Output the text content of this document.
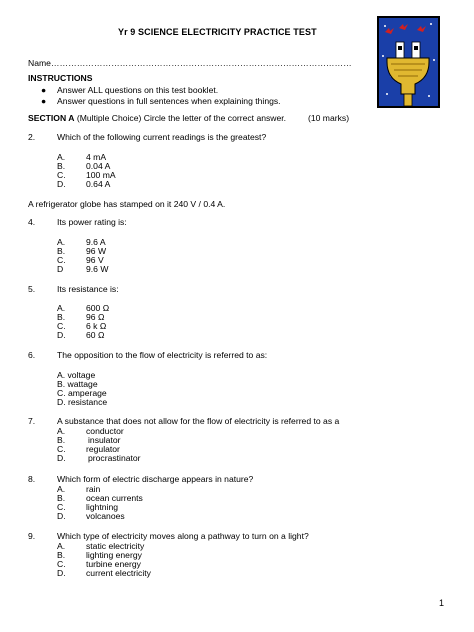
Yr 9 SCIENCE ELECTRICITY PRACTICE TEST
Name……………………………………………………………………………………………
INSTRUCTIONS
● Answer ALL questions on this test booklet.
● Answer questions in full sentences when explaining things.
SECTION A (Multiple Choice) Circle the letter of the correct answer.	(10 marks)
2.	Which of the following current readings is the greatest?
A. 4 mA
B. 0.04 A
C. 100 mA
D. 0.64 A
A refrigerator globe has stamped on it 240 V / 0.4 A.
4.	Its power rating is:
A. 9.6 A
B. 96 W
C. 96 V
D	9.6 W
5.	Its resistance is:
A. 600 Ω
B. 96 Ω
C. 6 k Ω
D. 60 Ω
6.	The opposition to the flow of electricity is referred to as:
A. voltage
B. wattage
C. amperage
D. resistance
7.	A substance that does not allow for the flow of electricity is referred to as a
A. conductor
B.	insulator
C. regulator
D.	procrastinator
8.	Which form of electric discharge appears in nature?
A. rain
B. ocean currents
C. lightning
D. volcanoes
9.	Which type of electricity moves along a pathway to turn on a light?
A. static electricity
B. lighting energy
C. turbine energy
D. current electricity
1
